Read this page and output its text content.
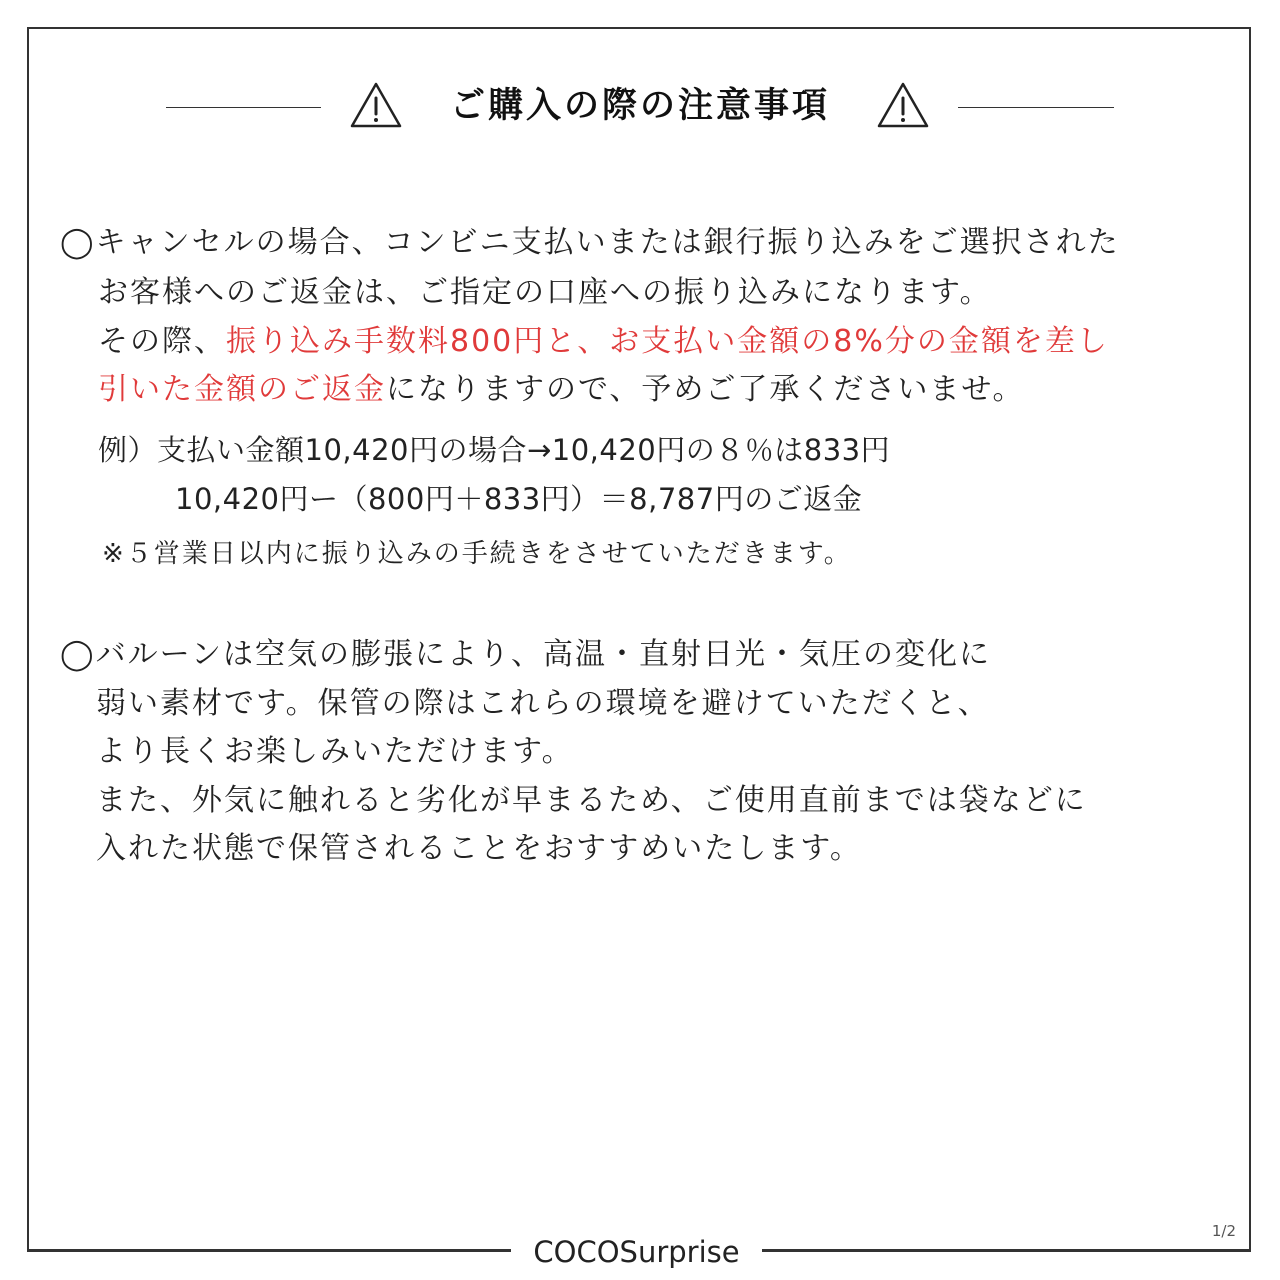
ご購入の際の注意事項
◯キャンセルの場合、コンビニ支払いまたは銀行振り込みをご選択された
お客様へのご返金は、ご指定の口座への振り込みになります。
その際、振り込み手数料800円と、お支払い金額の8%分の金額を差し
引いた金額のご返金になりますので、予めご了承くださいませ。
例）支払い金額10,420円の場合→10,420円の８％は833円
10,420円ー（800円＋833円）＝8,787円のご返金
※５営業日以内に振り込みの手続きをさせていただきます。
◯バルーンは空気の膨張により、高温・直射日光・気圧の変化に
弱い素材です。保管の際はこれらの環境を避けていただくと、
より長くお楽しみいただけます。
また、外気に触れると劣化が早まるため、ご使用直前までは袋などに
入れた状態で保管されることをおすすめいたします。
1/2
COCOSurprise
